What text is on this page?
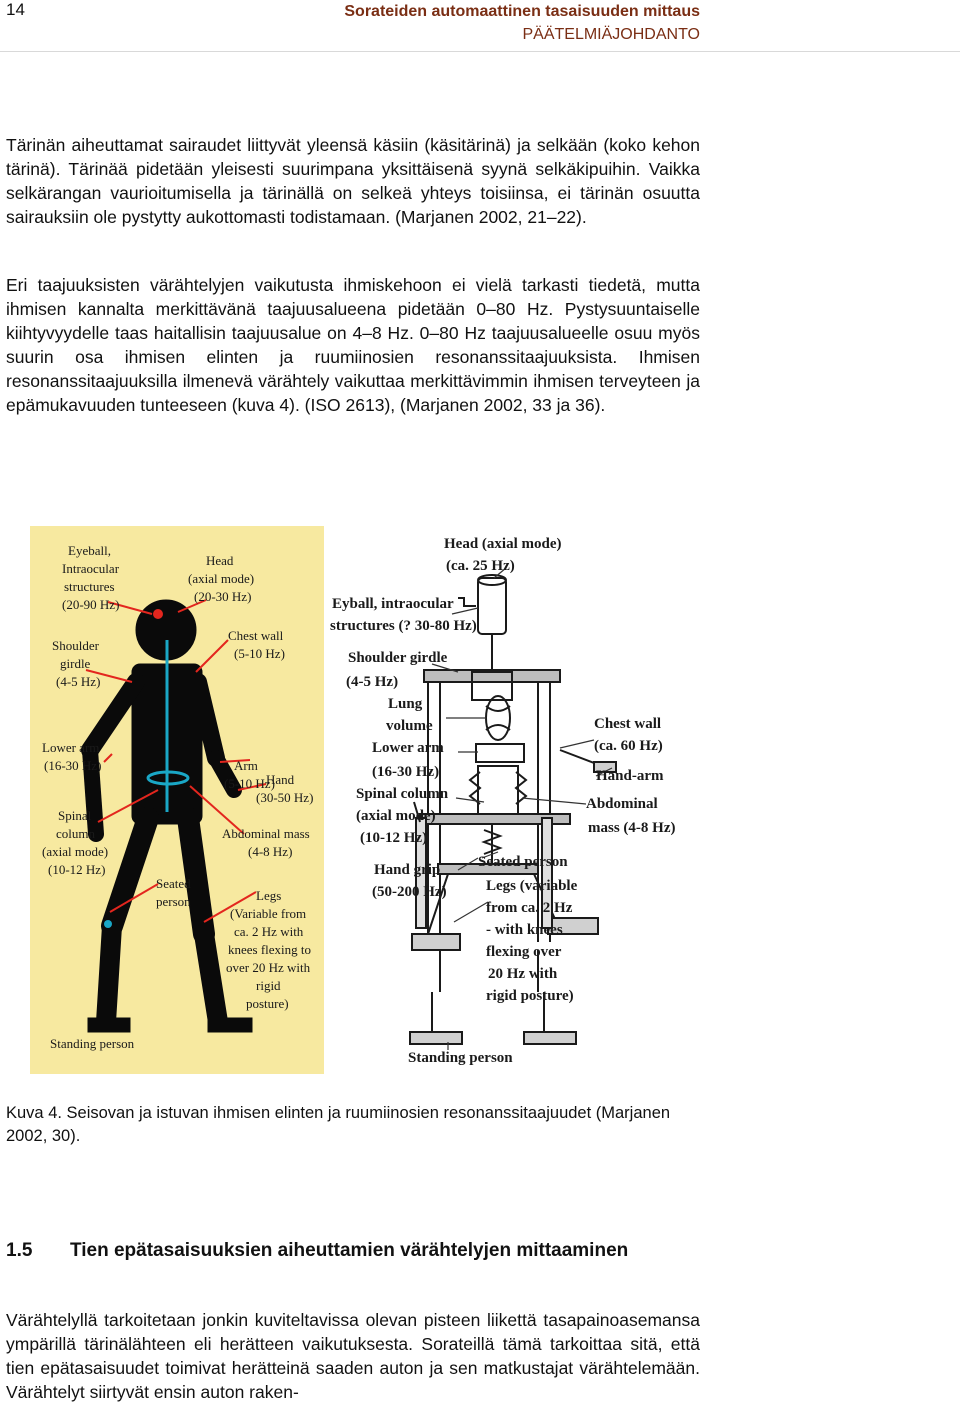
14	Sorateiden automaattinen tasaisuuden mittaus
PÄÄTELMIÄJOHDANTO

Tärinän aiheuttamat sairaudet liittyvät yleensä käsiin (käsitärinä) ja selkään (koko kehon tärinä). Tärinää pidetään yleisesti suurimpana yksittäisenä syynä selkäkipuihin. Vaikka selkärangan vaurioitumisella ja tärinällä on selkeä yhteys toisiinsa, ei tärinän osuutta sairauksiin ole pystytty aukottomasti todistamaan. (Marjanen 2002, 21–22).

Eri taajuuksisten värähtelyjen vaikutusta ihmiskehoon ei vielä tarkasti tiedetä, mutta ihmisen kannalta merkittävänä taajuusalueena pidetään 0–80 Hz. Pystysuuntaiselle kiihtyvyydelle taas haitallisin taajuusalue on 4–8 Hz. 0–80 Hz taajuusalueelle osuu myös suurin osa ihmisen elinten ja ruumiinosien resonanssitaajuuksista. Ihmisen resonanssitaajuuksilla ilmenevä värähtely vaikuttaa merkittävimmin ihmisen terveyteen ja epämukavuuden tunteeseen (kuva 4). (ISO 2613), (Marjanen 2002, 33 ja 36).

Eyeball, Intraocular structures (20-90 Hz)
Head (axial mode) (20-30 Hz)
Chest wall (5-10 Hz)
Shoulder girdle (4-5 Hz)
Arm (5-10 Hz)
Lower arm (16-30 Hz)
Hand (30-50 Hz)
Spinal column (axial mode) (10-12 Hz)
Abdominal mass (4-8 Hz)
Seated person	Legs (Variable from ca. 2 Hz with knees flexing to over 20 Hz with rigid posture)
Standing person
Head (axial mode) (ca. 25 Hz)
Eyball, intraocular structures (? 30-80 Hz)
Shoulder girdle (4-5 Hz)
Lung volume
Lower arm (16-30 Hz)
Spinal column (axial mode) (10-12 Hz)
Hand grip (50-200 Hz)
Chest wall (ca. 60 Hz)
Hand-arm
Abdominal mass (4-8 Hz)
Seated person
Legs (variable from ca. 2 Hz - with knees flexing over 20 Hz with rigid posture)
Standing person
Kuva 4. Seisovan ja istuvan ihmisen elinten ja ruumiinosien resonanssitaajuudet (Marjanen 2002, 30).
1.5 Tien epätasaisuuksien aiheuttamien värähtelyjen mittaaminen

Värähtelyllä tarkoitetaan jonkin kuviteltavissa olevan pisteen liikettä tasapainoasemansa ympärillä tärinälähteen eli herätteen vaikutuksesta. Sorateillä tämä tarkoittaa sitä, että tien epätasaisuudet toimivat herätteinä saaden auton ja sen matkustajat värähtelemään. Värähtelyt siirtyvät ensin auton raken-
